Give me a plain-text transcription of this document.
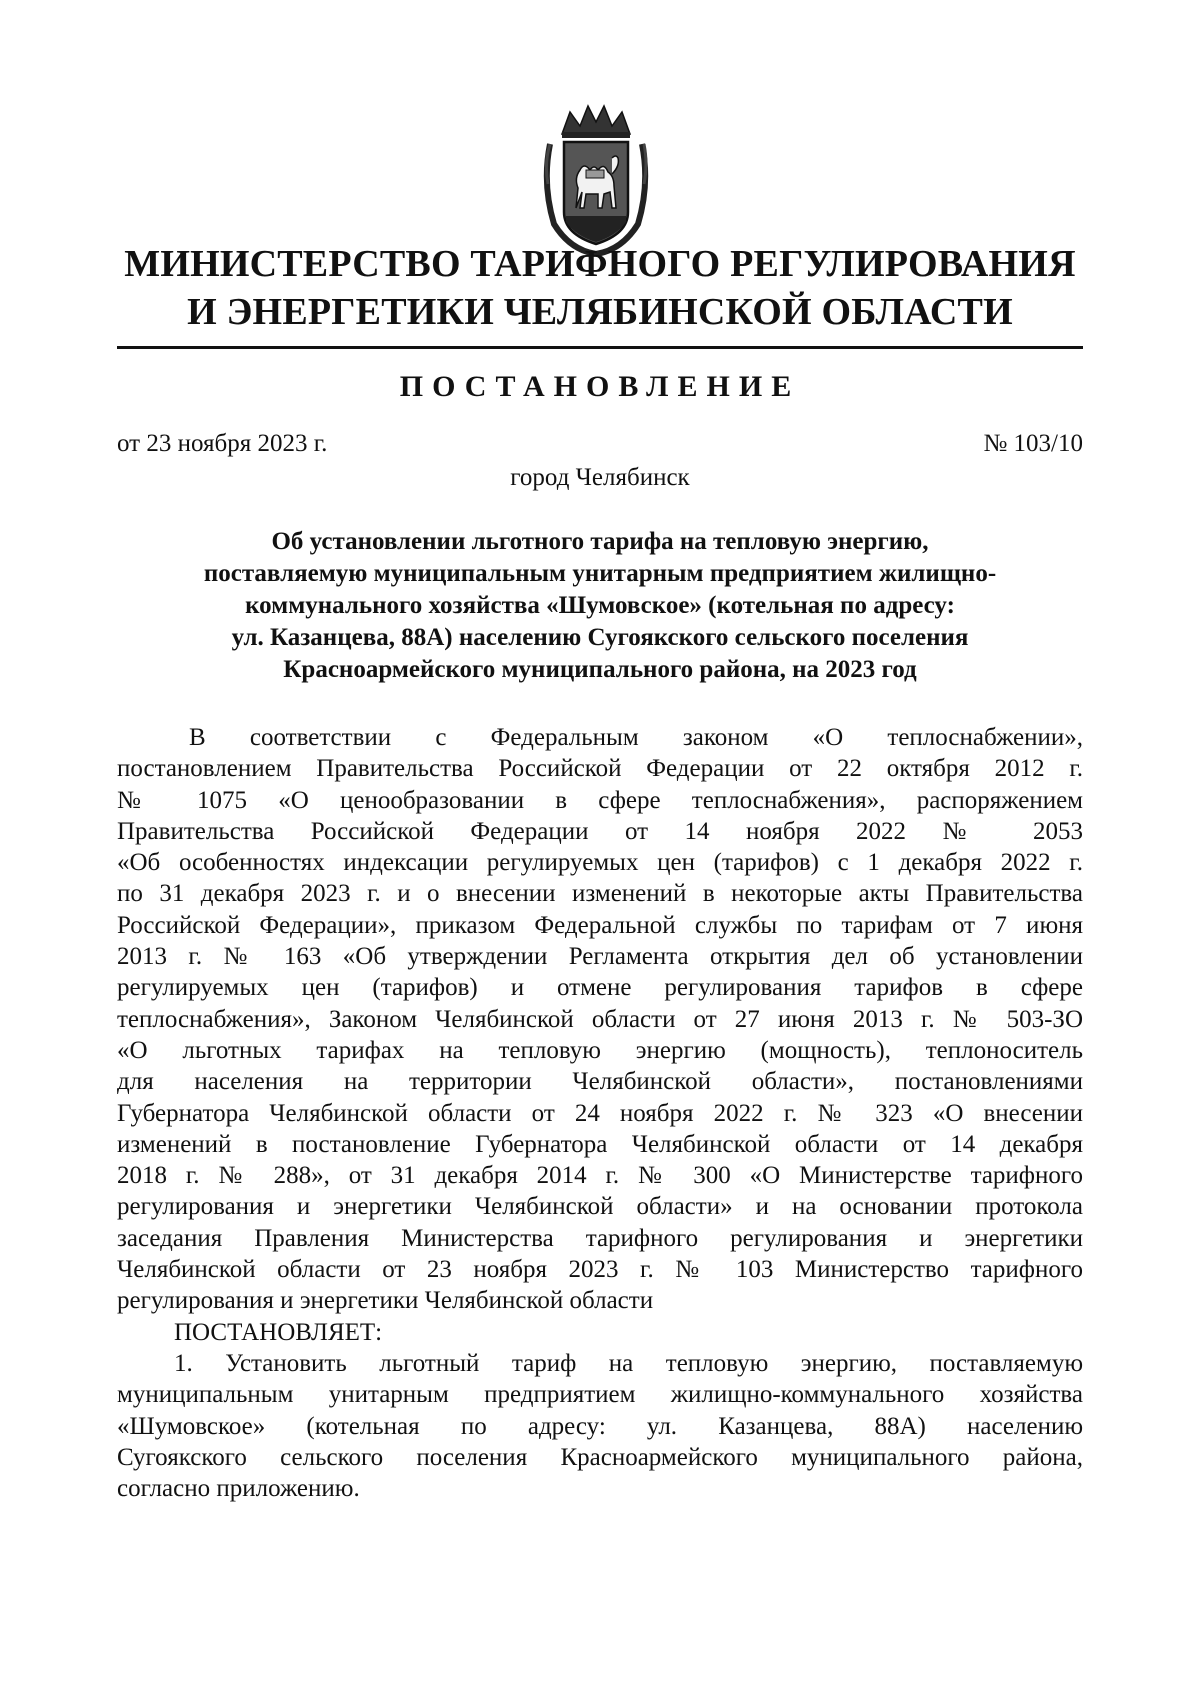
МИНИСТЕРСТВО ТАРИФНОГО РЕГУЛИРОВАНИЯ
И ЭНЕРГЕТИКИ ЧЕЛЯБИНСКОЙ ОБЛАСТИ
ПОСТАНОВЛЕНИЕ
от 23 ноября 2023 г.	№ 103/10
город Челябинск
Об установлении льготного тарифа на тепловую энергию,
поставляемую муниципальным унитарным предприятием жилищно-
коммунального хозяйства «Шумовское» (котельная по адресу:
ул. Казанцева, 88А) населению Сугоякского сельского поселения
Красноармейского муниципального района, на 2023 год
В соответствии с Федеральным законом «О теплоснабжении»,
постановлением Правительства Российской Федерации от 22 октября 2012 г.
№ 1075 «О ценообразовании в сфере теплоснабжения», распоряжением
Правительства Российской Федерации от 14 ноября 2022 № 2053
«Об особенностях индексации регулируемых цен (тарифов) с 1 декабря 2022 г.
по 31 декабря 2023 г. и о внесении изменений в некоторые акты Правительства
Российской Федерации», приказом Федеральной службы по тарифам от 7 июня
2013 г. № 163 «Об утверждении Регламента открытия дел об установлении
регулируемых цен (тарифов) и отмене регулирования тарифов в сфере
теплоснабжения», Законом Челябинской области от 27 июня 2013 г. № 503-ЗО
«О льготных тарифах на тепловую энергию (мощность), теплоноситель
для населения на территории Челябинской области», постановлениями
Губернатора Челябинской области от 24 ноября 2022 г. № 323 «О внесении
изменений в постановление Губернатора Челябинской области от 14 декабря
2018 г. № 288», от 31 декабря 2014 г. № 300 «О Министерстве тарифного
регулирования и энергетики Челябинской области» и на основании протокола
заседания Правления Министерства тарифного регулирования и энергетики
Челябинской области от 23 ноября 2023 г. № 103 Министерство тарифного
регулирования и энергетики Челябинской области
ПОСТАНОВЛЯЕТ:
1. Установить льготный тариф на тепловую энергию, поставляемую
муниципальным унитарным предприятием жилищно-коммунального хозяйства
«Шумовское» (котельная по адресу: ул. Казанцева, 88А) населению
Сугоякского сельского поселения Красноармейского муниципального района,
согласно приложению.
